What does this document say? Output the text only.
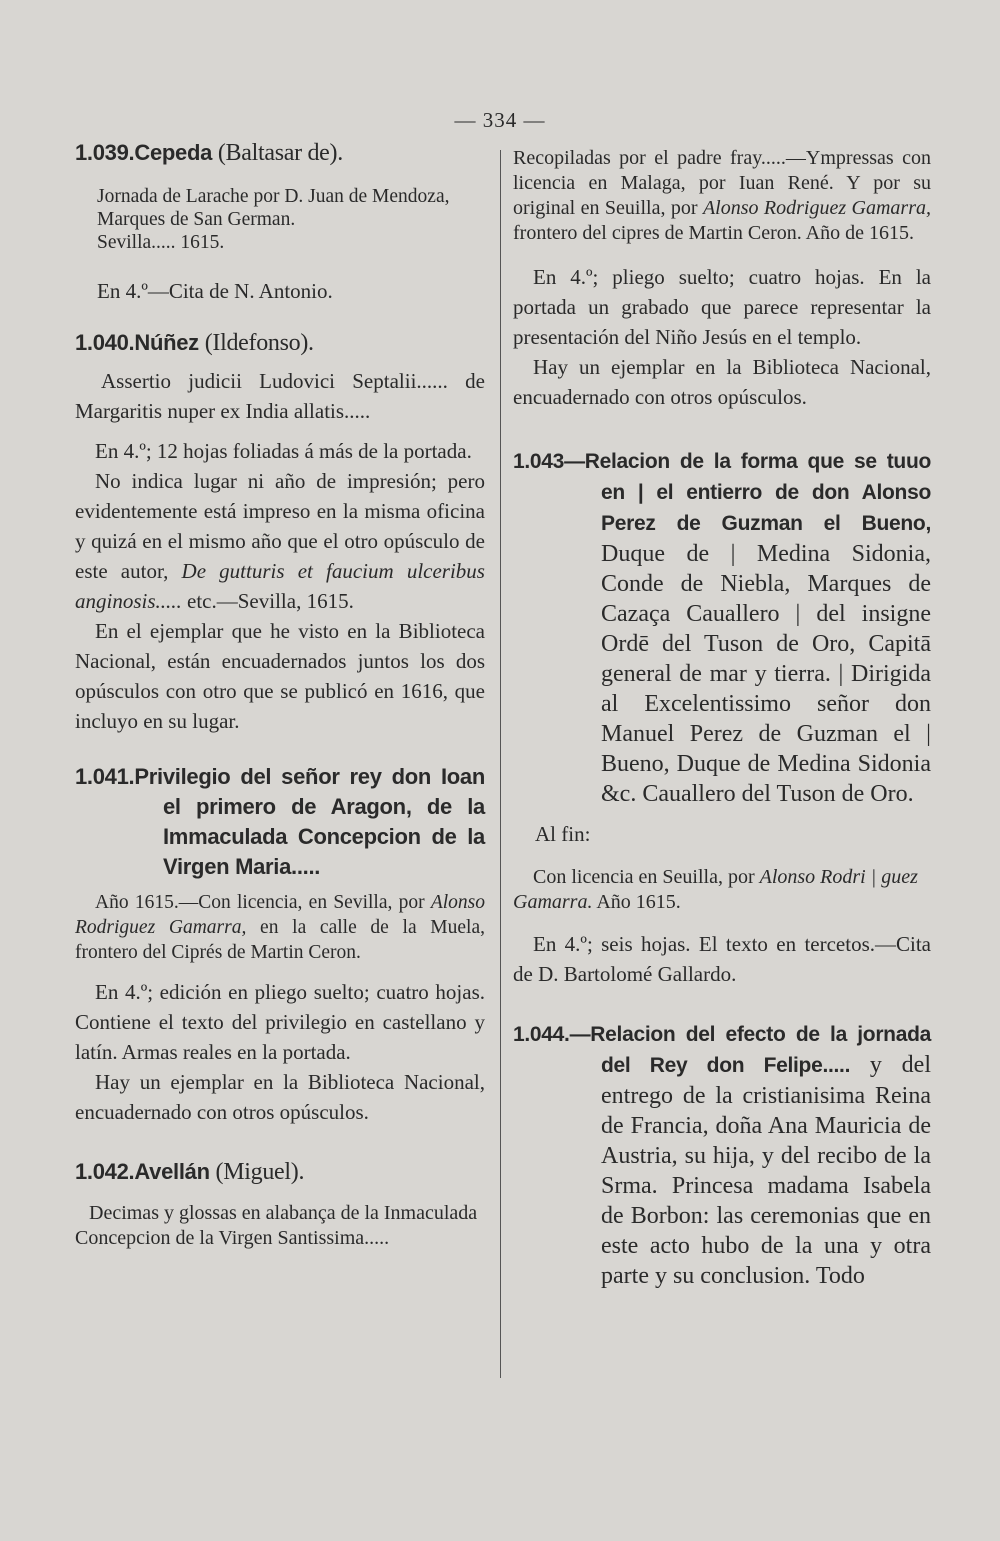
— 334 —

1.039.Cepeda (Baltasar de).

Jornada de Larache por D. Juan de Mendoza, Marques de San German.

Sevilla..... 1615.

En 4.º—Cita de N. Antonio.

1.040.Núñez (Ildefonso).

Assertio judicii Ludovici Septalii...... de Margaritis nuper ex India allatis.....

En 4.º; 12 hojas foliadas á más de la portada.

No indica lugar ni año de impresión; pero evidentemente está impreso en la misma oficina y quizá en el mismo año que el otro opúsculo de este autor, De gutturis et faucium ulceribus anginosis..... etc.—Sevilla, 1615.

En el ejemplar que he visto en la Biblioteca Nacional, están encuadernados juntos los dos opúsculos con otro que se publicó en 1616, que incluyo en su lugar.

1.041.Privilegio del señor rey don Ioan el primero de Aragon, de la Immaculada Concepcion de la Virgen Maria.....

Año 1615.—Con licencia, en Sevilla, por Alonso Rodriguez Gamarra, en la calle de la Muela, frontero del Ciprés de Martin Ceron.

En 4.º; edición en pliego suelto; cuatro hojas. Contiene el texto del privilegio en castellano y latín. Armas reales en la portada.

Hay un ejemplar en la Biblioteca Nacional, encuadernado con otros opúsculos.

1.042.Avellán (Miguel).

Decimas y glossas en alabança de la Inmaculada Concepcion de la Virgen Santissima.....

Recopiladas por el padre fray.....—Ympressas con licencia en Malaga, por Iuan René. Y por su original en Seuilla, por Alonso Rodriguez Gamarra, frontero del cipres de Martin Ceron. Año de 1615.

En 4.º; pliego suelto; cuatro hojas. En la portada un grabado que parece representar la presentación del Niño Jesús en el templo.

Hay un ejemplar en la Biblioteca Nacional, encuadernado con otros opúsculos.

1.043—Relacion de la forma que se tuuo en | el entierro de don Alonso Perez de Guzman el Bueno, Duque de | Medina Sidonia, Conde de Niebla, Marques de Cazaça Cauallero | del insigne Ordē del Tuson de Oro, Capitā general de mar y tierra. | Dirigida al Excelentissimo señor don Manuel Perez de Guzman el | Bueno, Duque de Medina Sidonia &c. Cauallero del Tuson de Oro.

Al fin:

Con licencia en Seuilla, por Alonso Rodri | guez Gamarra. Año 1615.

En 4.º; seis hojas. El texto en tercetos.—Cita de D. Bartolomé Gallardo.

1.044.—Relacion del efecto de la jornada del Rey don Felipe..... y del entrego de la cristianisima Reina de Francia, doña Ana Mauricia de Austria, su hija, y del recibo de la Srma. Princesa madama Isabela de Borbon: las ceremonias que en este acto hubo de la una y otra parte y su conclusion. Todo
